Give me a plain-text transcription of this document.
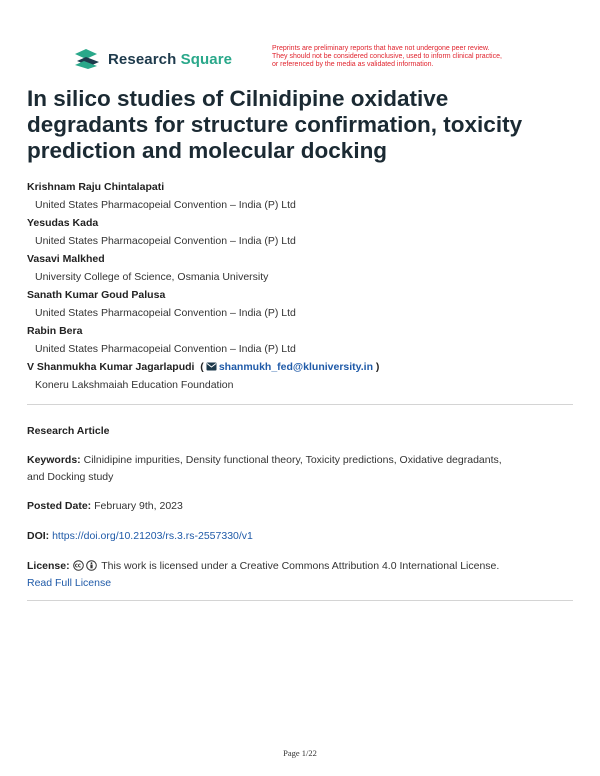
Research Square
Preprints are preliminary reports that have not undergone peer review.
They should not be considered conclusive, used to inform clinical practice,
or referenced by the media as validated information.
In silico studies of Cilnidipine oxidative degradants for structure confirmation, toxicity prediction and molecular docking
Krishnam Raju Chintalapati
United States Pharmacopeial Convention – India (P) Ltd
Yesudas Kada
United States Pharmacopeial Convention – India (P) Ltd
Vasavi Malkhed
University College of Science, Osmania University
Sanath Kumar Goud Palusa
United States Pharmacopeial Convention – India (P) Ltd
Rabin Bera
United States Pharmacopeial Convention – India (P) Ltd
V Shanmukha Kumar Jagarlapudi  ( shanmukh_fed@kluniversity.in )
Koneru Lakshmaiah Education Foundation
Research Article
Keywords: Cilnidipine impurities, Density functional theory, Toxicity predictions, Oxidative degradants,
and Docking study
Posted Date: February 9th, 2023
DOI: https://doi.org/10.21203/rs.3.rs-2557330/v1
License:	This work is licensed under a Creative Commons Attribution 4.0 International License.
Read Full License
Page 1/22
